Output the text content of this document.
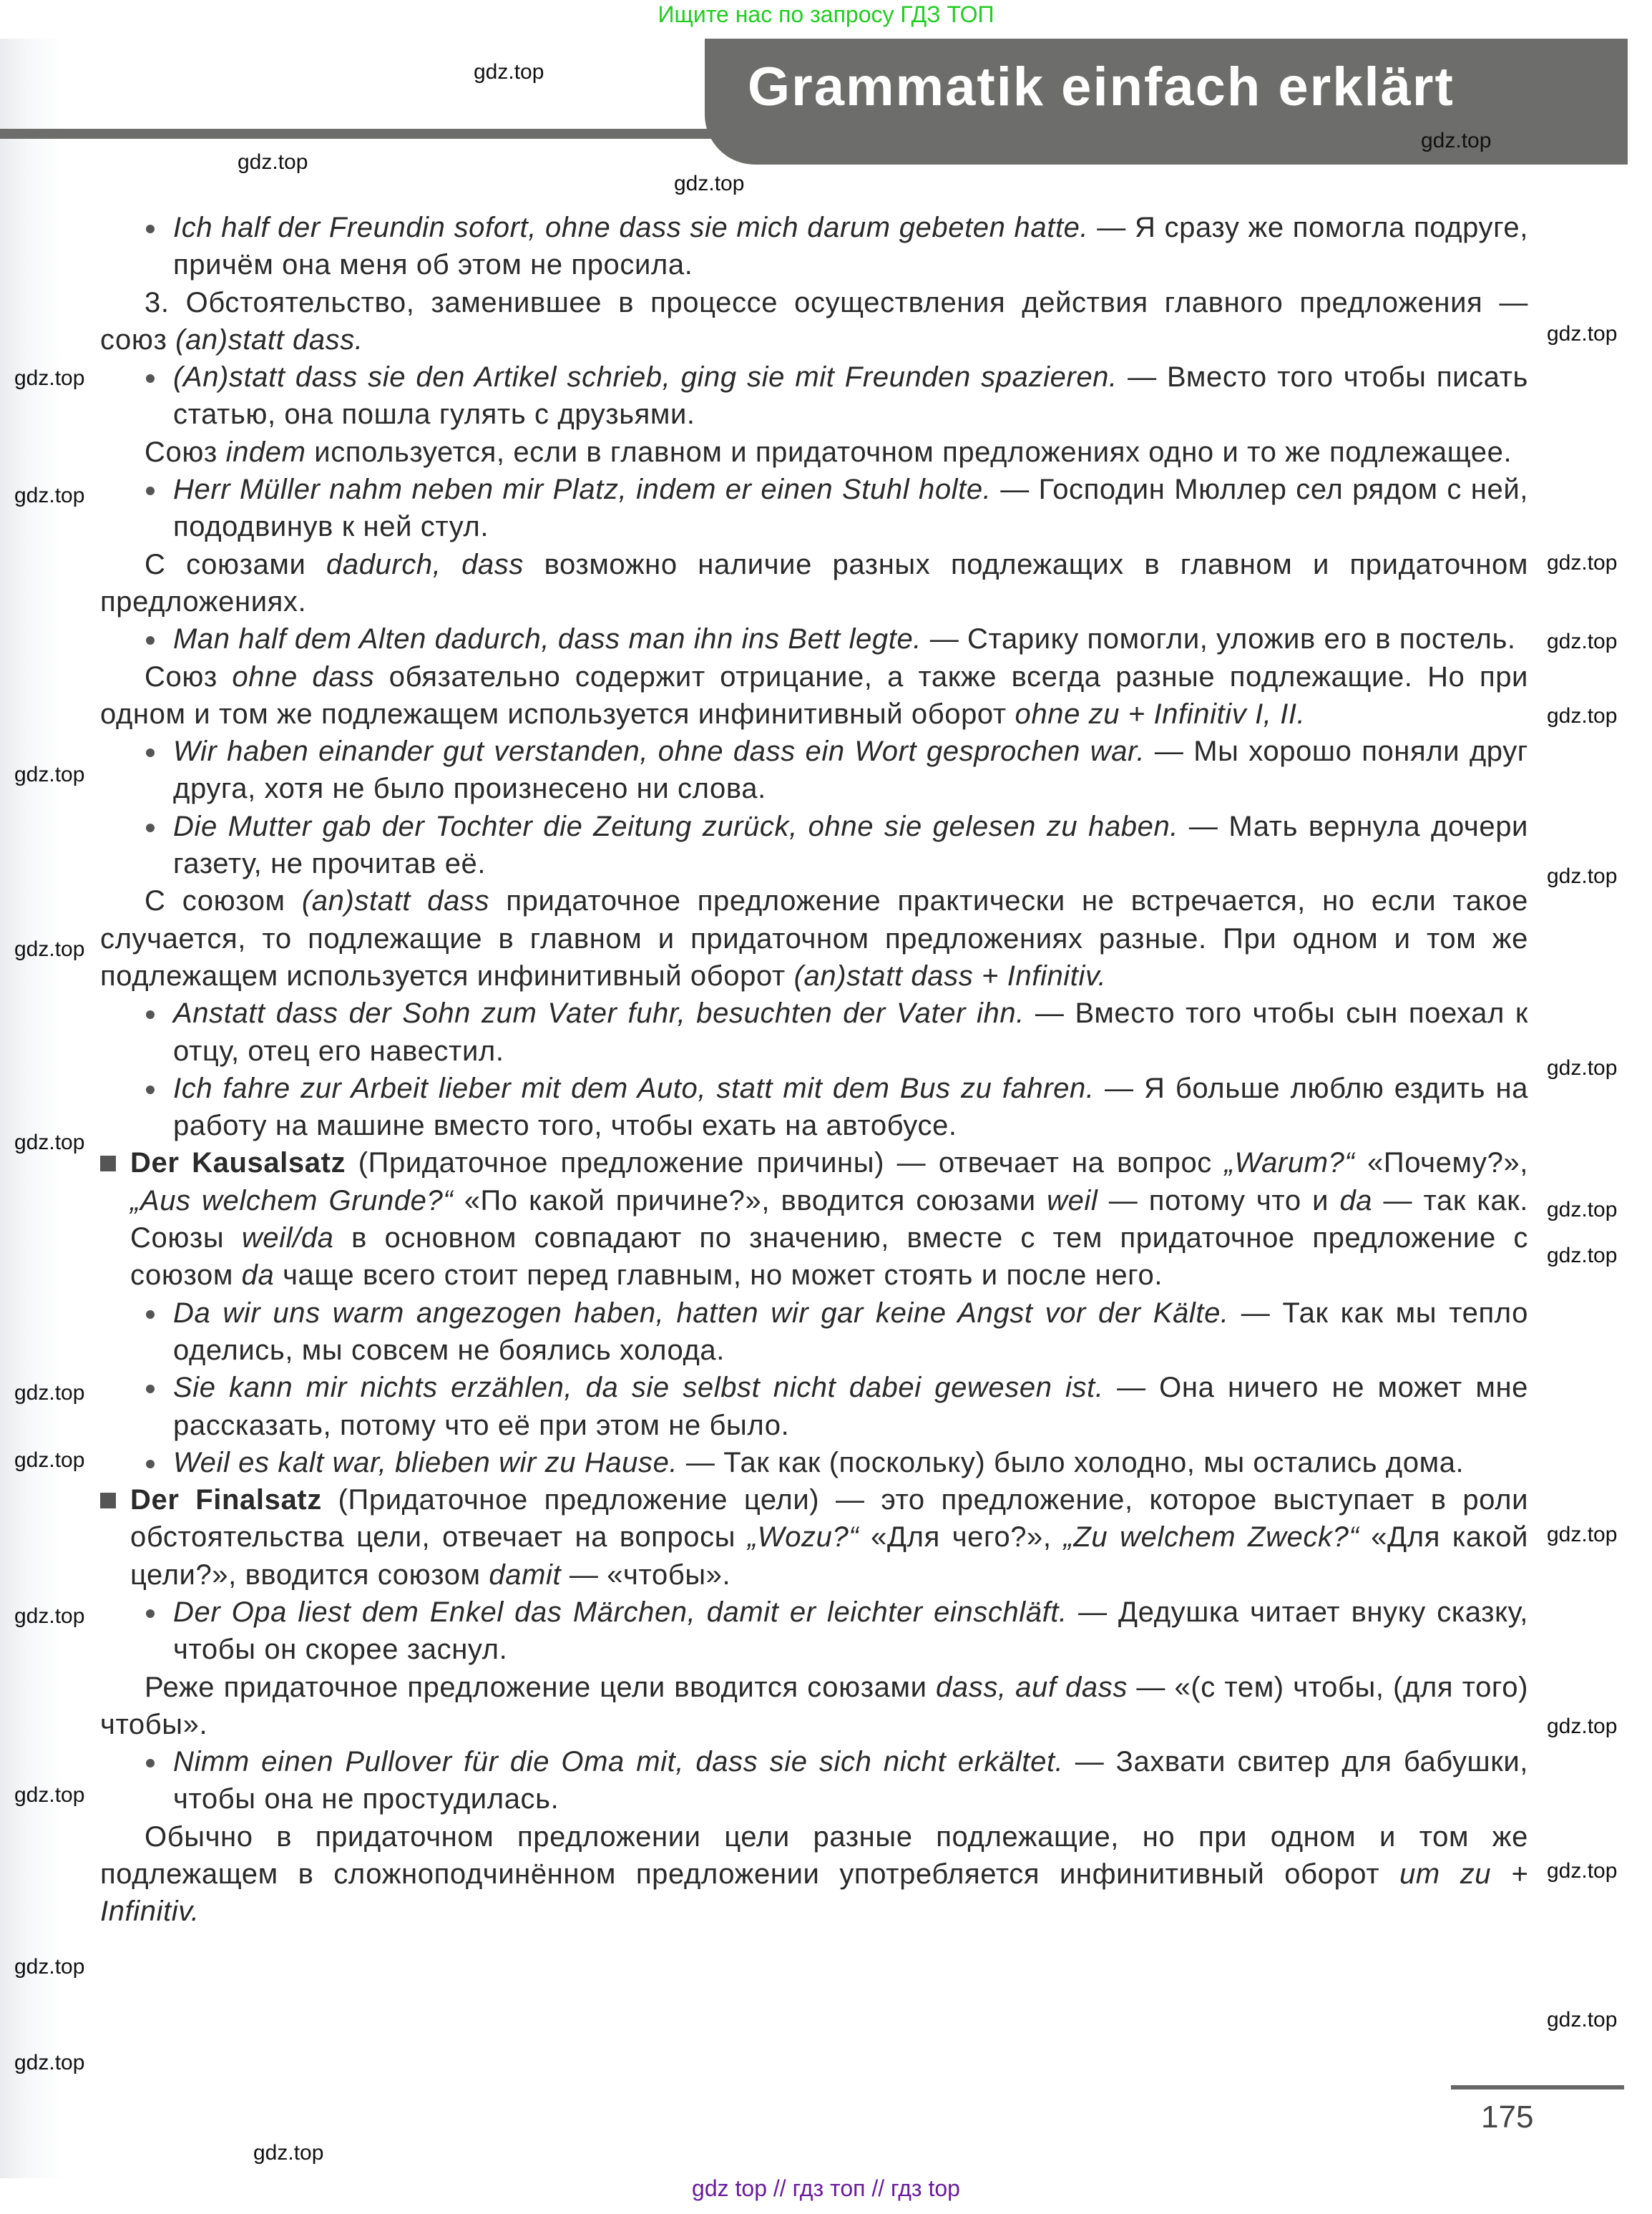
Ищите нас по запросу ГДЗ ТОП
Grammatik einfach erklärt

Ich half der Freundin sofort, ohne dass sie mich darum gebeten hatte. — Я сразу же помогла подруге, причём она меня об этом не просила.

3. Обстоятельство, заменившее в процессе осуществления действия главного предложения — союз (an)statt dass.

(An)statt dass sie den Artikel schrieb, ging sie mit Freunden spazieren. — Вместо того чтобы писать статью, она пошла гулять с друзьями.

Союз indem используется, если в главном и придаточном предложениях одно и то же подлежащее.

Herr Müller nahm neben mir Platz, indem er einen Stuhl holte. — Господин Мюллер сел рядом с ней, пододвинув к ней стул.

С союзами dadurch, dass возможно наличие разных подлежащих в главном и придаточном предложениях.

Man half dem Alten dadurch, dass man ihn ins Bett legte. — Старику помогли, уложив его в постель.

Союз ohne dass обязательно содержит отрицание, а также всегда разные подлежащие. Но при одном и том же подлежащем используется инфинитивный оборот ohne zu + Infinitiv I, II.

Wir haben einander gut verstanden, ohne dass ein Wort gesprochen war. — Мы хорошо поняли друг друга, хотя не было произнесено ни слова.

Die Mutter gab der Tochter die Zeitung zurück, ohne sie gelesen zu haben. — Мать вернула дочери газету, не прочитав её.

С союзом (an)statt dass придаточное предложение практически не встречается, но если такое случается, то подлежащие в главном и придаточном предложениях разные. При одном и том же подлежащем используется инфинитивный оборот (an)statt dass + Infinitiv.

Anstatt dass der Sohn zum Vater fuhr, besuchten der Vater ihn. — Вместо того чтобы сын поехал к отцу, отец его навестил.

Ich fahre zur Arbeit lieber mit dem Auto, statt mit dem Bus zu fahren. — Я больше люблю ездить на работу на машине вместо того, чтобы ехать на автобусе.

Der Kausalsatz (Придаточное предложение причины) — отвечает на вопрос „Warum?“ «Почему?», „Aus welchem Grunde?“ «По какой причине?», вводится союзами weil — потому что и da — так как. Союзы weil/da в основном совпадают по значению, вместе с тем придаточное предложение с союзом da чаще всего стоит перед главным, но может стоять и после него.

Da wir uns warm angezogen haben, hatten wir gar keine Angst vor der Kälte. — Так как мы тепло оделись, мы совсем не боялись холода.

Sie kann mir nichts erzählen, da sie selbst nicht dabei gewesen ist. — Она ничего не может мне рассказать, потому что её при этом не было.

Weil es kalt war, blieben wir zu Hause. — Так как (поскольку) было холодно, мы остались дома.

Der Finalsatz (Придаточное предложение цели) — это предложение, которое выступает в роли обстоятельства цели, отвечает на вопросы „Wozu?“ «Для чего?», „Zu welchem Zweck?“ «Для какой цели?», вводится союзом damit — «чтобы».

Der Opa liest dem Enkel das Märchen, damit er leichter einschläft. — Дедушка читает внуку сказку, чтобы он скорее заснул.

Реже придаточное предложение цели вводится союзами dass, auf dass — «(с тем) чтобы, (для того) чтобы».

Nimm einen Pullover für die Oma mit, dass sie sich nicht erkältet. — Захвати свитер для бабушки, чтобы она не простудилась.

Обычно в придаточном предложении цели разные подлежащие, но при одном и том же подлежащем в сложноподчинённом предложении употребляется инфинитивный оборот um zu + Infinitiv.

gdz.top
gdz.top
gdz.top
gdz.top
gdz.top
gdz.top
gdz.top
gdz.top
gdz.top
gdz.top
gdz.top
gdz.top
gdz.top
gdz.top
gdz.top
gdz.top
gdz.top
gdz.top
gdz.top
gdz.top
gdz.top
gdz.top
gdz.top
gdz.top
gdz.top
gdz.top
gdz.top
gdz.top
175
gdz top // гдз топ // гдз top
